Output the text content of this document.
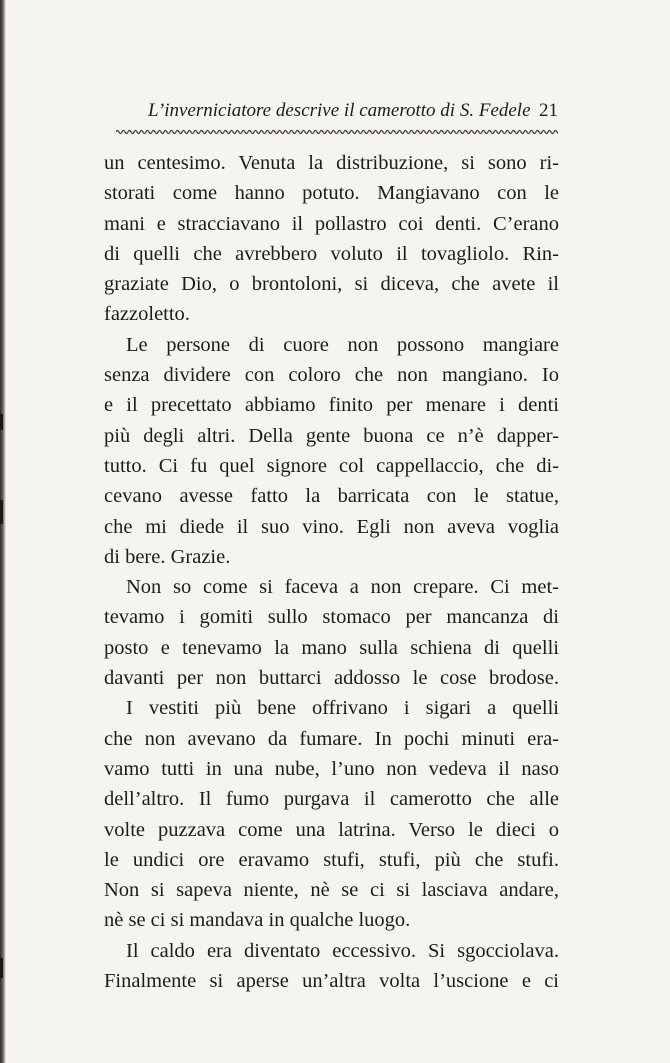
L’inverniciatore descrive il camerotto di S. Fedele 21
un centesimo. Venuta la distribuzione, si sono ri-
storati come hanno potuto. Mangiavano con le
mani e stracciavano il pollastro coi denti. C’erano
di quelli che avrebbero voluto il tovagliolo. Rin-
graziate Dio, o brontoloni, si diceva, che avete il
fazzoletto.
Le persone di cuore non possono mangiare
senza dividere con coloro che non mangiano. Io
e il precettato abbiamo finito per menare i denti
più degli altri. Della gente buona ce n’è dapper-
tutto. Ci fu quel signore col cappellaccio, che di-
cevano avesse fatto la barricata con le statue,
che mi diede il suo vino. Egli non aveva voglia
di bere. Grazie.
Non so come si faceva a non crepare. Ci met-
tevamo i gomiti sullo stomaco per mancanza di
posto e tenevamo la mano sulla schiena di quelli
davanti per non buttarci addosso le cose brodose.
I vestiti più bene offrivano i sigari a quelli
che non avevano da fumare. In pochi minuti era-
vamo tutti in una nube, l’uno non vedeva il naso
dell’altro. Il fumo purgava il camerotto che alle
volte puzzava come una latrina. Verso le dieci o
le undici ore eravamo stufi, stufi, più che stufi.
Non si sapeva niente, nè se ci si lasciava andare,
nè se ci si mandava in qualche luogo.
Il caldo era diventato eccessivo. Si sgocciolava.
Finalmente si aperse un’altra volta l’uscione e ci
